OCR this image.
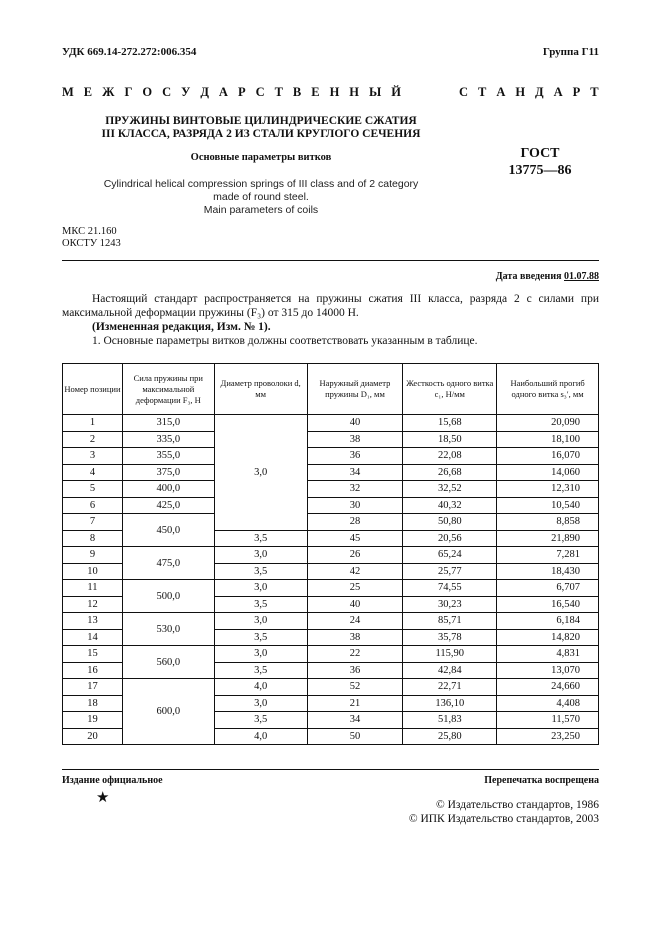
УДК 669.14-272.272:006.354	Группа Г11
М Е Ж Г О С У Д А Р С Т В Е Н Н Ы Й	С Т А Н Д А Р Т
ПРУЖИНЫ ВИНТОВЫЕ ЦИЛИНДРИЧЕСКИЕ СЖАТИЯ
III КЛАССА, РАЗРЯДА 2 ИЗ СТАЛИ КРУГЛОГО СЕЧЕНИЯ
Основные параметры витков
Cylindrical helical compression springs of III class and of 2 category
made of round steel.
Main parameters of coils
ГОСТ
13775—86
МКС 21.160
ОКСТУ 1243
Дата введения 01.07.88
Настоящий стандарт распространяется на пружины сжатия III класса, разряда 2 с силами при максимальной деформации пружины (F₃) от 315 до 14000 Н.
(Измененная редакция, Изм. № 1).
1. Основные параметры витков должны соответствовать указанным в таблице.
Номер позиции	Сила пружины при максимальной деформации F₃, Н	Диаметр проволоки d, мм	Наружный диаметр пружины D₁, мм	Жесткость одного витка c₁, Н/мм	Наибольший прогиб одного витка s₃′, мм
1	315,0	3,0	40	15,68	20,090
2	335,0		38	18,50	18,100
3	355,0		36	22,08	16,070
4	375,0		34	26,68	14,060
5	400,0		32	32,52	12,310
6	425,0		30	40,32	10,540
7	450,0		28	50,80	8,858
8		3,5	45	20,56	21,890
9	475,0	3,0	26	65,24	7,281
10		3,5	42	25,77	18,430
11	500,0	3,0	25	74,55	6,707
12		3,5	40	30,23	16,540
13	530,0	3,0	24	85,71	6,184
14		3,5	38	35,78	14,820
15	560,0	3,0	22	115,90	4,831
16		3,5	36	42,84	13,070
17	600,0	4,0	52	22,71	24,660
18		3,0	21	136,10	4,408
19		3,5	34	51,83	11,570
20		4,0	50	25,80	23,250
Издание официальное	Перепечатка воспрещена
★	© Издательство стандартов, 1986
© ИПК Издательство стандартов, 2003
